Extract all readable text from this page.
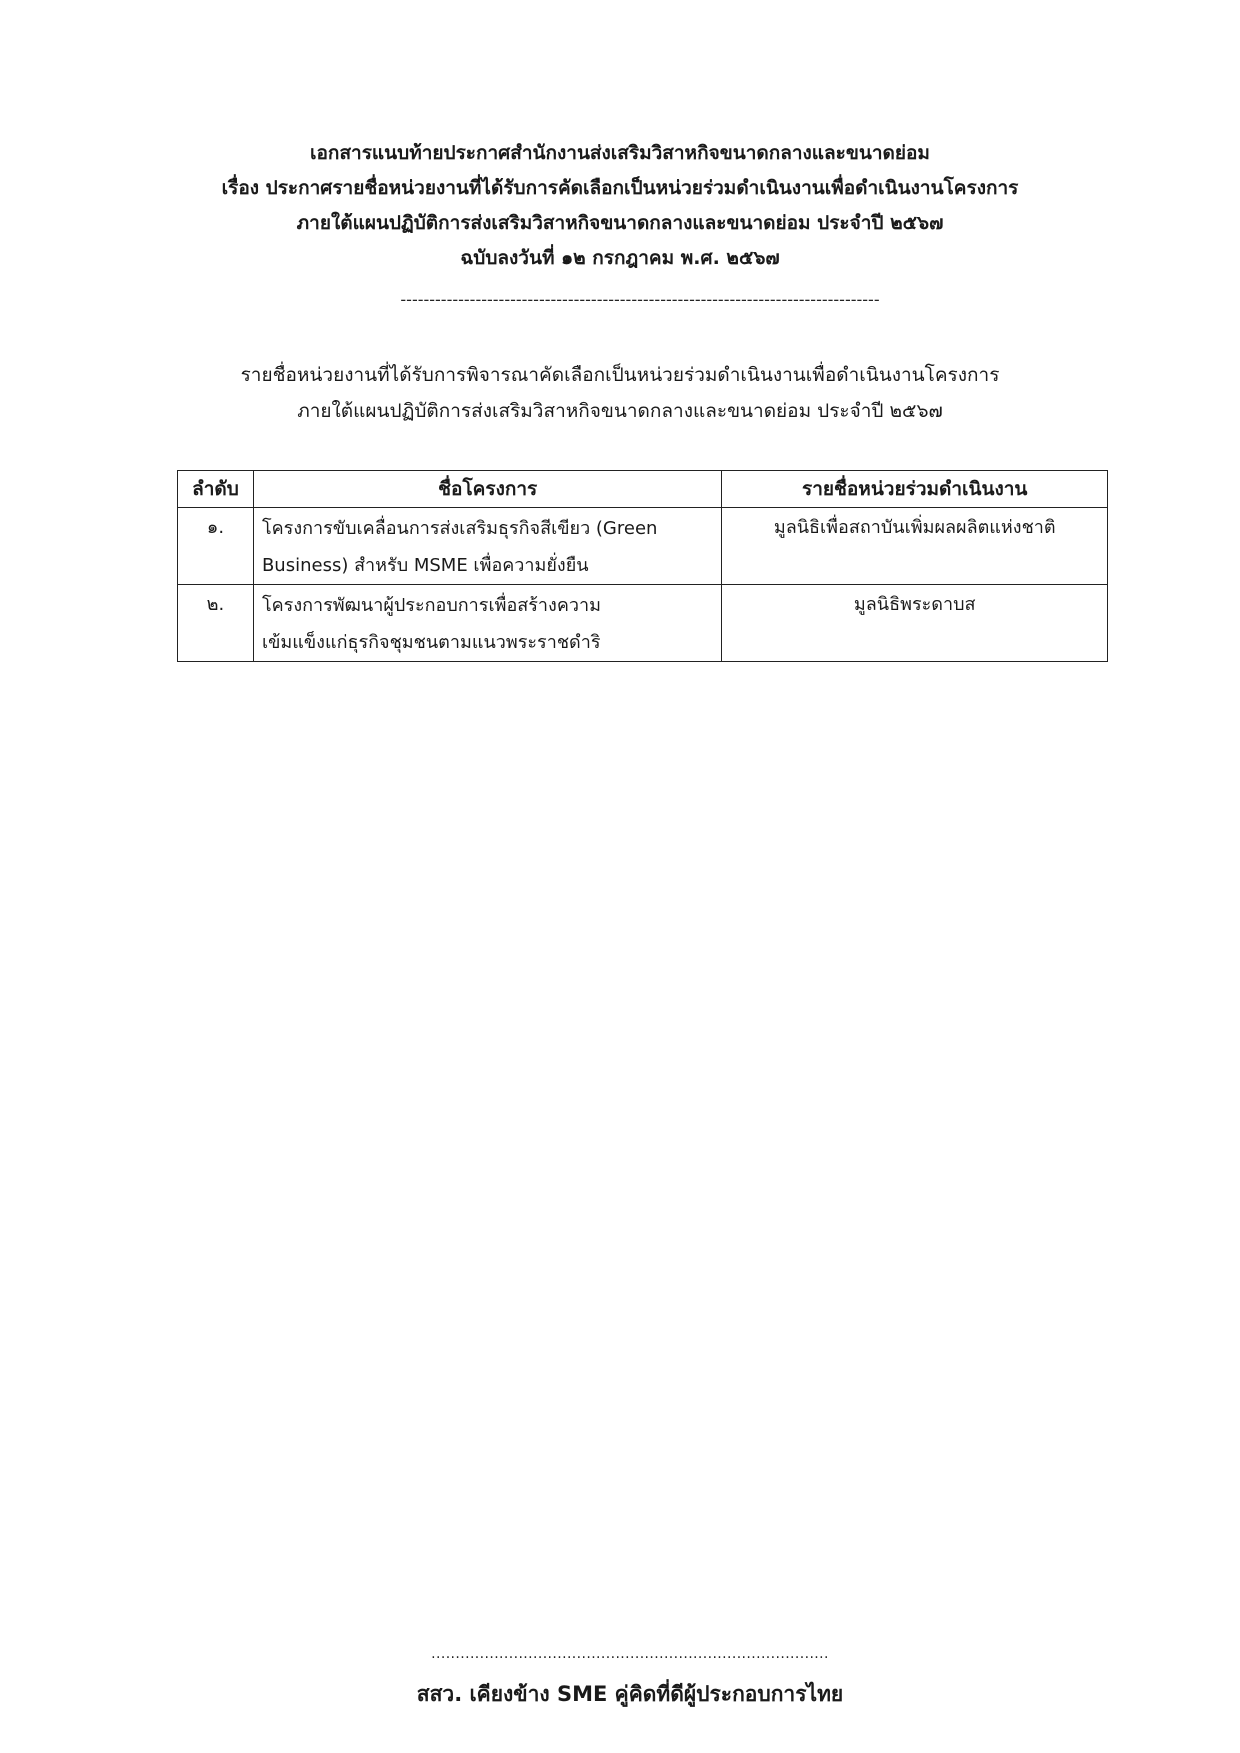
เอกสารแนบท้ายประกาศสำนักงานส่งเสริมวิสาหกิจขนาดกลางและขนาดย่อม
เรื่อง ประกาศรายชื่อหน่วยงานที่ได้รับการคัดเลือกเป็นหน่วยร่วมดำเนินงานเพื่อดำเนินงานโครงการ
ภายใต้แผนปฏิบัติการส่งเสริมวิสาหกิจขนาดกลางและขนาดย่อม ประจำปี ๒๕๖๗
ฉบับลงวันที่ ๑๒ กรกฎาคม พ.ศ. ๒๕๖๗
-----------------------------------------------------------------------------------
รายชื่อหน่วยงานที่ได้รับการพิจารณาคัดเลือกเป็นหน่วยร่วมดำเนินงานเพื่อดำเนินงานโครงการ
ภายใต้แผนปฏิบัติการส่งเสริมวิสาหกิจขนาดกลางและขนาดย่อม ประจำปี ๒๕๖๗
ลำดับ	ชื่อโครงการ	รายชื่อหน่วยร่วมดำเนินงาน
๑.	โครงการขับเคลื่อนการส่งเสริมธุรกิจสีเขียว (Green
Business) สำหรับ MSME เพื่อความยั่งยืน	มูลนิธิเพื่อสถาบันเพิ่มผลผลิตแห่งชาติ
๒.	โครงการพัฒนาผู้ประกอบการเพื่อสร้างความ
เข้มแข็งแก่ธุรกิจชุมชนตามแนวพระราชดำริ	มูลนิธิพระดาบส
..................................................................................
สสว. เคียงข้าง SME คู่คิดที่ดีผู้ประกอบการไทย
